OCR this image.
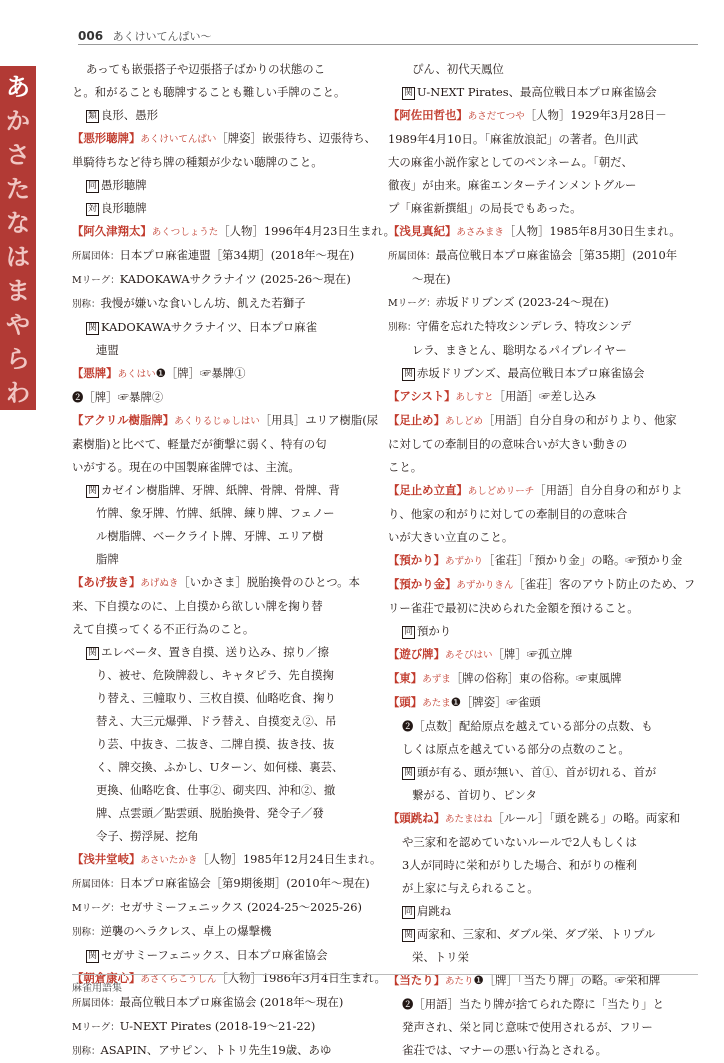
006 あくけいてんぱい～
あ
か
さ
た
な
は
ま
や
ら
わ
あっても嵌張搭子や辺張搭子ばかりの状態のこ
と。和がることも聴牌することも難しい手牌のこと。
類 良形、愚形
【悪形聴牌】あくけいてんぱい［牌姿］嵌張待ち、辺張待ち、
単騎待ちなど待ち牌の種類が少ない聴牌のこと。
同 愚形聴牌
対 良形聴牌
【阿久津翔太】あくつしょうた［人物］1996年4月23日生まれ。
所属団体：日本プロ麻雀連盟［第34期］(2018年～現在)
Mリーグ：KADOKAWAサクラナイツ (2025-26～現在)
別称：我慢が嫌いな食いしん坊、飢えた若獅子
関 KADOKAWAサクラナイツ、日本プロ麻雀
連盟
【悪牌】あくはい❶［牌］☞暴牌①
❷［牌］☞暴牌②
【アクリル樹脂牌】あくりるじゅしはい［用具］ユリア樹脂(尿
素樹脂)と比べて、軽量だが衝撃に弱く、特有の匂
いがする。現在の中国製麻雀牌では、主流。
関 カゼイン樹脂牌、牙牌、紙牌、骨牌、骨牌、背
竹牌、象牙牌、竹牌、紙牌、練り牌、フェノー
ル樹脂牌、ベークライト牌、牙牌、エリア樹
脂牌
【あげ抜き】あげぬき［いかさま］脱胎換骨のひとつ。本
来、下自摸なのに、上自摸から欲しい牌を掬り替
えて自摸ってくる不正行為のこと。
関 エレベータ、置き自摸、送り込み、掠り／擦
り、被せ、危険牌殺し、キャタピラ、先自摸掬
り替え、三幢取り、三枚自摸、仙略吃食、掬り
替え、大三元爆弾、ドラ替え、自摸変え②、吊
り芸、中抜き、二抜き、二牌自摸、抜き技、抜
く、牌交換、ふかし、Uターン、如何様、裏芸、
更換、仙略吃食、仕事②、砌夹四、沖和②、撤
牌、点雲頭／點雲頭、脱胎換骨、発令子／發
令子、撈浮屍、挖角
【浅井堂岐】あさいたかき［人物］1985年12月24日生まれ。
所属団体：日本プロ麻雀協会［第9期後期］(2010年～現在)
Mリーグ：セガサミーフェニックス (2024-25～2025-26)
別称：逆襲のヘラクレス、卓上の爆撃機
関 セガサミーフェニックス、日本プロ麻雀協会
【朝倉康心】あさくらこうしん［人物］1986年3月4日生まれ。
所属団体：最高位戦日本プロ麻雀協会 (2018年～現在)
Mリーグ：U-NEXT Pirates (2018-19～21-22)
別称：ASAPIN、アサピン、トトリ先生19歳、あゆ
ぴん、初代天鳳位
関 U-NEXT Pirates、最高位戦日本プロ麻雀協会
【阿佐田哲也】あさだてつや［人物］1929年3月28日－
1989年4月10日。「麻雀放浪記」の著者。色川武
大の麻雀小説作家としてのペンネーム。「朝だ、
徹夜」が由来。麻雀エンターテインメントグルー
プ「麻雀新撰組」の局長でもあった。
【浅見真紀】あさみまき［人物］1985年8月30日生まれ。
所属団体：最高位戦日本プロ麻雀協会［第35期］(2010年
～現在)
Mリーグ：赤坂ドリブンズ (2023-24～現在)
別称：守備を忘れた特攻シンデレラ、特攻シンデ
レラ、まきとん、聡明なるパイプレイヤー
関 赤坂ドリブンズ、最高位戦日本プロ麻雀協会
【アシスト】あしすと［用語］☞差し込み
【足止め】あしどめ［用語］自分自身の和がりより、他家
に対しての牽制目的の意味合いが大きい動きの
こと。
【足止め立直】あしどめリーチ［用語］自分自身の和がりよ
り、他家の和がりに対しての牽制目的の意味合
いが大きい立直のこと。
【預かり】あずかり［雀荘］「預かり金」の略。☞預かり金
【預かり金】あずかりきん［雀荘］客のアウト防止のため、フ
リー雀荘で最初に決められた金額を預けること。
同 預かり
【遊び牌】あそびはい［牌］☞孤立牌
【東】あずま［牌の俗称］東の俗称。☞東風牌
【頭】あたま❶［牌姿］☞雀頭
❷［点数］配給原点を越えている部分の点数、も
しくは原点を越えている部分の点数のこと。
関 頭が有る、頭が無い、首①、首が切れる、首が
繋がる、首切り、ピンタ
【頭跳ね】あたまはね［ルール］「頭を跳る」の略。両家和
や三家和を認めていないルールで2人もしくは
3人が同時に栄和がりした場合、和がりの権利
が上家に与えられること。
同 肩跳ね
関 両家和、三家和、ダブル栄、ダブ栄、トリプル
栄、トリ栄
【当たり】あたり❶［牌］「当たり牌」の略。☞栄和牌
❷［用語］当たり牌が捨てられた際に「当たり」と
発声され、栄と同じ意味で使用されるが、フリー
雀荘では、マナーの悪い行為とされる。
麻雀用語集
